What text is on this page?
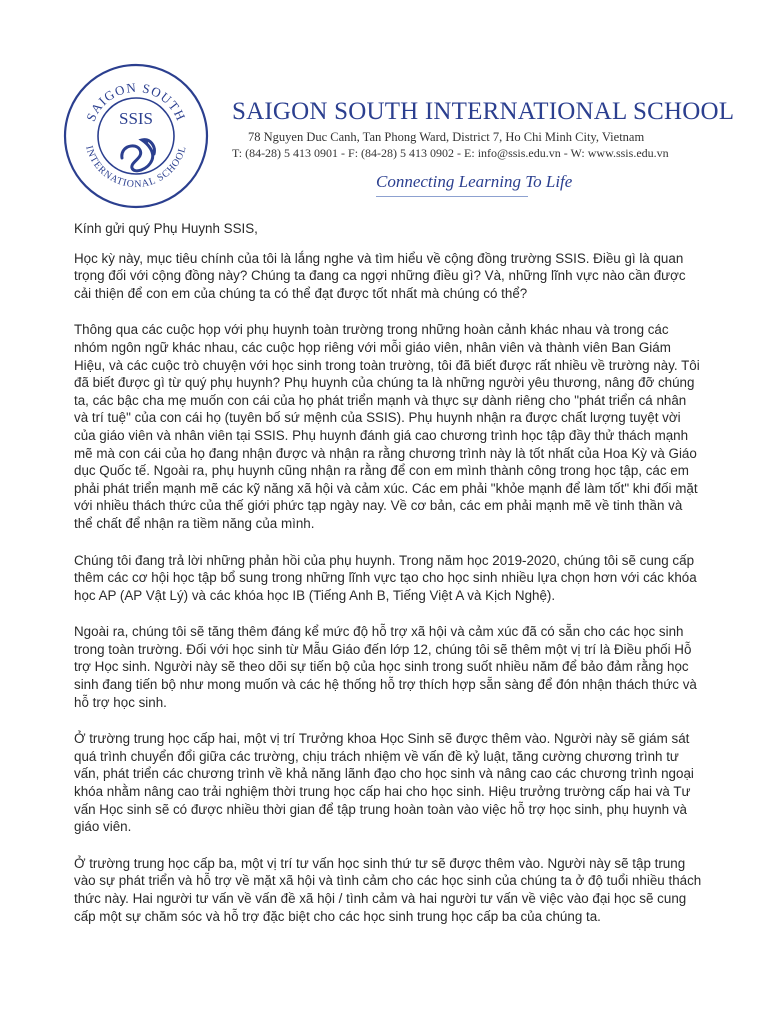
SAIGON SOUTH
INTERNATIONAL SCHOOL
SSIS	SAIGON SOUTH INTERNATIONAL SCHOOL
78 Nguyen Duc Canh, Tan Phong Ward, District 7, Ho Chi Minh City, Vietnam
T: (84-28) 5 413 0901 - F: (84-28) 5 413 0902 - E: info@ssis.edu.vn - W: www.ssis.edu.vn
Connecting Learning To Life

Kính gửi quý Phụ Huynh SSIS,

Học kỳ này, mục tiêu chính của tôi là lắng nghe và tìm hiểu về cộng đồng trường SSIS. Điều gì là quan trọng đối với cộng đồng này? Chúng ta đang ca ngợi những điều gì? Và, những lĩnh vực nào cần được cải thiện để con em của chúng ta có thể đạt được tốt nhất mà chúng có thể?

Thông qua các cuộc họp với phụ huynh toàn trường trong những hoàn cảnh khác nhau và trong các nhóm ngôn ngữ khác nhau, các cuộc họp riêng với mỗi giáo viên, nhân viên và thành viên Ban Giám Hiệu, và các cuộc trò chuyện với học sinh trong toàn trường, tôi đã biết được rất nhiều về trường này. Tôi đã biết được gì từ quý phụ huynh? Phụ huynh của chúng ta là những người yêu thương, nâng đỡ chúng ta, các bậc cha mẹ muốn con cái của họ phát triển mạnh và thực sự dành riêng cho "phát triển cá nhân và trí tuệ" của con cái họ (tuyên bố sứ mệnh của SSIS). Phụ huynh nhận ra được chất lượng tuyệt vời của giáo viên và nhân viên tại SSIS. Phụ huynh đánh giá cao chương trình học tập đầy thử thách mạnh mẽ mà con cái của họ đang nhận được và nhận ra rằng chương trình này là tốt nhất của Hoa Kỳ và Giáo dục Quốc tế. Ngoài ra, phụ huynh cũng nhận ra rằng để con em mình thành công trong học tập, các em phải phát triển mạnh mẽ các kỹ năng xã hội và cảm xúc. Các em phải "khỏe mạnh để làm tốt" khi đối mặt với nhiều thách thức của thế giới phức tạp ngày nay. Về cơ bản, các em phải mạnh mẽ về tinh thần và thể chất để nhận ra tiềm năng của mình.

Chúng tôi đang trả lời những phản hồi của phụ huynh. Trong năm học 2019-2020, chúng tôi sẽ cung cấp thêm các cơ hội học tập bổ sung trong những lĩnh vực tạo cho học sinh nhiều lựa chọn hơn với các khóa học AP (AP Vật Lý) và các khóa học IB (Tiếng Anh B, Tiếng Việt A và Kịch Nghệ).

Ngoài ra, chúng tôi sẽ tăng thêm đáng kể mức độ hỗ trợ xã hội và cảm xúc đã có sẵn cho các học sinh trong toàn trường. Đối với học sinh từ Mẫu Giáo đến lớp 12, chúng tôi sẽ thêm một vị trí là Điều phối Hỗ trợ Học sinh. Người này sẽ theo dõi sự tiến bộ của học sinh trong suốt nhiều năm để bảo đảm rằng học sinh đang tiến bộ như mong muốn và các hệ thống hỗ trợ thích hợp sẵn sàng để đón nhận thách thức và hỗ trợ học sinh.

Ở trường trung học cấp hai, một vị trí Trưởng khoa Học Sinh sẽ được thêm vào. Người này sẽ giám sát quá trình chuyển đổi giữa các trường, chịu trách nhiệm về vấn đề kỷ luật, tăng cường chương trình tư vấn, phát triển các chương trình về khả năng lãnh đạo cho học sinh và nâng cao các chương trình ngoại khóa nhằm nâng cao trải nghiệm thời trung học cấp hai cho học sinh. Hiệu trưởng trường cấp hai và Tư vấn Học sinh sẽ có được nhiều thời gian để tập trung hoàn toàn vào việc hỗ trợ học sinh, phụ huynh và giáo viên.

Ở trường trung học cấp ba, một vị trí tư vấn học sinh thứ tư sẽ được thêm vào. Người này sẽ tập trung vào sự phát triển và hỗ trợ về mặt xã hội và tình cảm cho các học sinh của chúng ta ở độ tuổi nhiều thách thức này. Hai người tư vấn về vấn đề xã hội / tình cảm và hai người tư vấn về việc vào đại học sẽ cung cấp một sự chăm sóc và hỗ trợ đặc biệt cho các học sinh trung học cấp ba của chúng ta.
